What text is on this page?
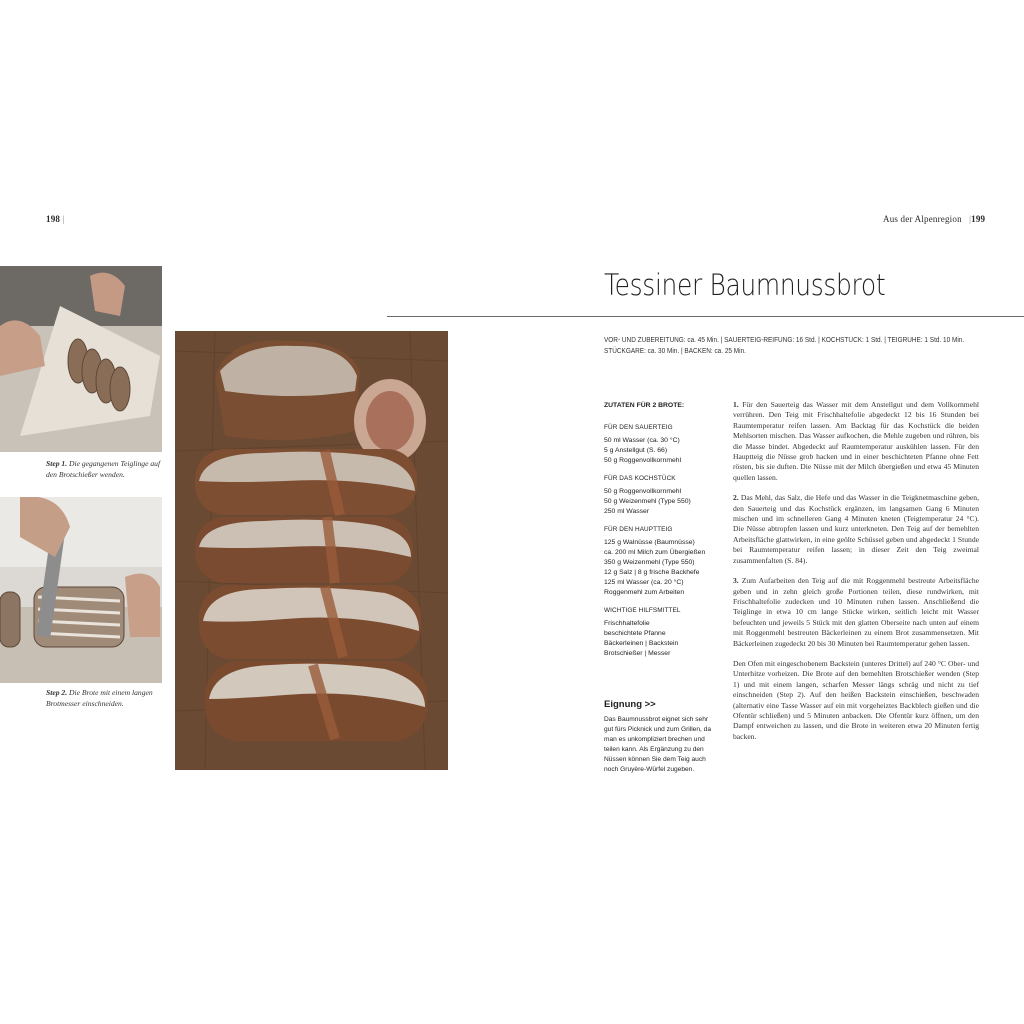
198 |	Aus der Alpenregion   |199
Step 1. Die gegangenen Teiglinge auf den Brotschießer wenden.
Step 2. Die Brote mit einem langen Brotmesser einschneiden.
Tessiner Baumnussbrot
VOR- UND ZUBEREITUNG: ca. 45 Min. | SAUERTEIG-REIFUNG: 16 Std. | KOCHSTÜCK: 1 Std. | TEIGRUHE: 1 Std. 10 Min.
STÜCKGARE: ca. 30 Min. | BACKEN: ca. 25 Min.
ZUTATEN FÜR 2 BROTE:
FÜR DEN SAUERTEIG
50 ml Wasser (ca. 30 °C)
5 g Anstellgut (S. 66)
50 g Roggenvollkornmehl
FÜR DAS KOCHSTÜCK
50 g Roggenvollkornmehl
50 g Weizenmehl (Type 550)
250 ml Wasser
FÜR DEN HAUPTTEIG
125 g Walnüsse (Baumnüsse)
ca. 200 ml Milch zum Übergießen
350 g Weizenmehl (Type 550)
12 g Salz | 8 g frische Backhefe
125 ml Wasser (ca. 20 °C)
Roggenmehl zum Arbeiten
WICHTIGE HILFSMITTEL
Frischhaltefolie
beschichtete Pfanne
Bäckerleinen | Backstein
Brotschießer | Messer
Eignung >>
Das Baumnussbrot eignet sich sehr gut fürs Picknick und zum Grillen, da man es unkompliziert brechen und teilen kann. Als Ergänzung zu den Nüssen können Sie dem Teig auch noch Gruyère-Würfel zugeben.

1. Für den Sauerteig das Wasser mit dem Anstellgut und dem Vollkornmehl verrühren. Den Teig mit Frischhaltefolie abgedeckt 12 bis 16 Stunden bei Raumtemperatur reifen lassen. Am Backtag für das Kochstück die beiden Mehlsorten mischen. Das Wasser aufkochen, die Mehle zugeben und rühren, bis die Masse bindet. Abgedeckt auf Raumtemperatur auskühlen lassen. Für den Hauptteig die Nüsse grob hacken und in einer beschichteten Pfanne ohne Fett rösten, bis sie duften. Die Nüsse mit der Milch übergießen und etwa 45 Minuten quellen lassen.

2. Das Mehl, das Salz, die Hefe und das Wasser in die Teigknetmaschine geben, den Sauerteig und das Kochstück ergänzen, im langsamen Gang 6 Minuten mischen und im schnelleren Gang 4 Minuten kneten (Teigtemperatur 24 °C). Die Nüsse abtropfen lassen und kurz unterkneten. Den Teig auf der bemehlten Arbeitsfläche glattwirken, in eine geölte Schüssel geben und abgedeckt 1 Stunde bei Raumtemperatur reifen lassen; in dieser Zeit den Teig zweimal zusammenfalten (S. 84).

3. Zum Aufarbeiten den Teig auf die mit Roggenmehl bestreute Arbeitsfläche geben und in zehn gleich große Portionen teilen, diese rundwirken, mit Frischhaltefolie zudecken und 10 Minuten ruhen lassen. Anschließend die Teiglinge in etwa 10 cm lange Stücke wirken, seitlich leicht mit Wasser befeuchten und jeweils 5 Stück mit den glatten Oberseite nach unten auf einem mit Roggenmehl bestreuten Bäckerleinen zu einem Brot zusammensetzen. Mit Bäckerleinen zugedeckt 20 bis 30 Minuten bei Raumtemperatur gehen lassen.

Den Ofen mit eingeschobenem Backstein (unteres Drittel) auf 240 °C Ober- und Unterhitze vorheizen. Die Brote auf den bemehlten Brotschießer wenden (Step 1) und mit einem langen, scharfen Messer längs schräg und nicht zu tief einschneiden (Step 2). Auf den heißen Backstein einschießen, beschwaden (alternativ eine Tasse Wasser auf ein mit vorgeheiztes Backblech gießen und die Ofentür schließen) und 5 Minuten anbacken. Die Ofentür kurz öffnen, um den Dampf entweichen zu lassen, und die Brote in weiteren etwa 20 Minuten fertig backen.
